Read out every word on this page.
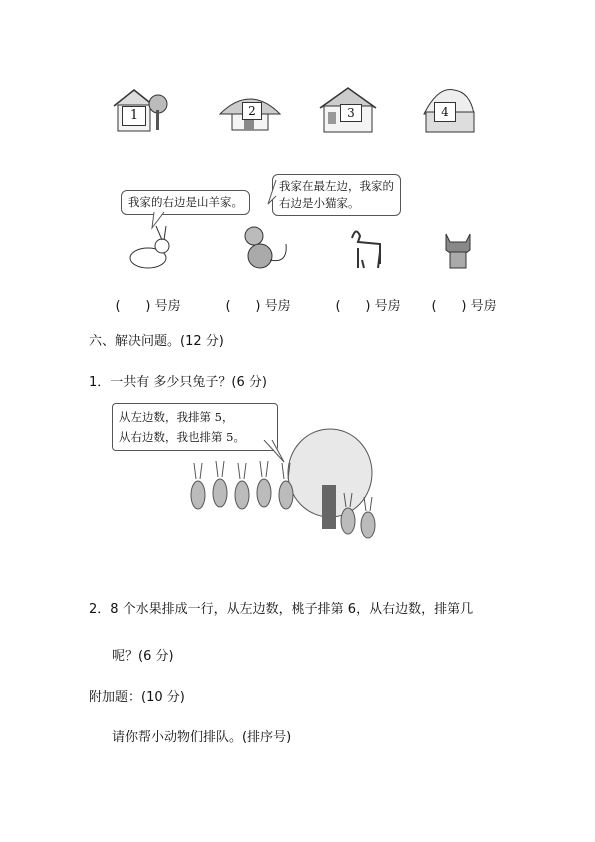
1	2	3	4
我家的右边是山羊家。
我家在最左边，我家的
右边是小猫家。

( ) 号房
	( ) 号房
	( ) 号房
	( ) 号房

六、解决问题。(12 分)
1．一共有 多少只兔子？(6 分)
从左边数，我排第 5，
从右边数，我也排第 5。
2．8 个水果排成一行，从左边数，桃子排第 6，从右边数，排第几
呢？(6 分)
附加题：(10 分)
请你帮小动物们排队。(排序号)
